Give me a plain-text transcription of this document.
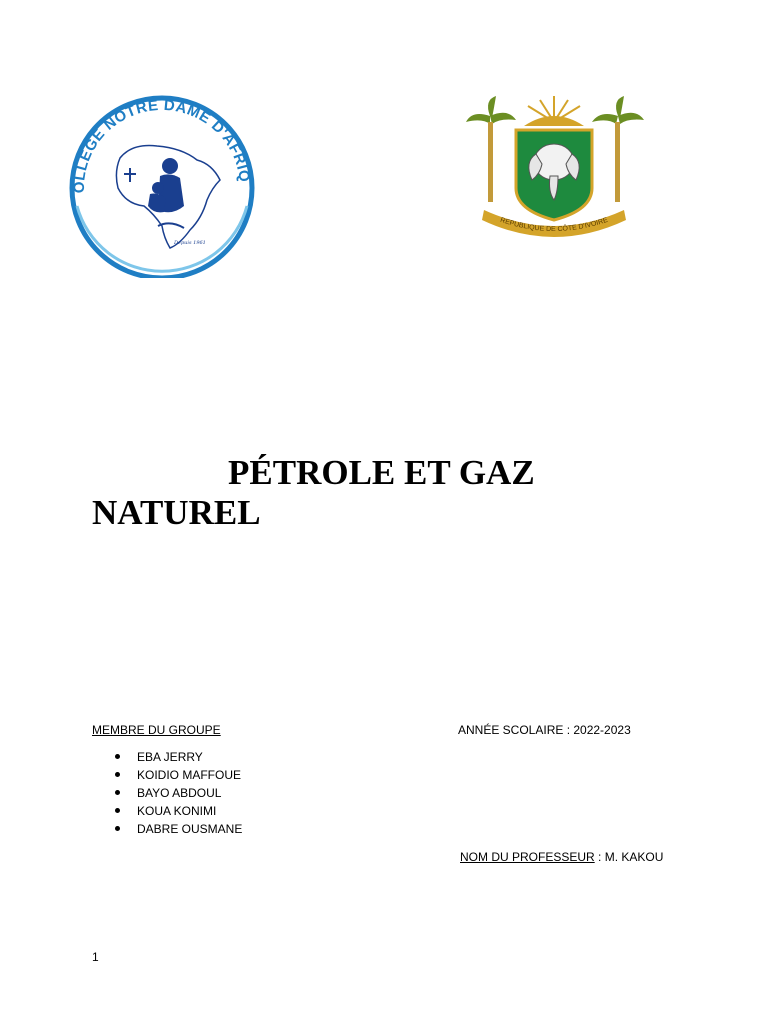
OLLEGE NOTRE DAME D'AFRIQ
Depuis 1961
REPUBLIQUE DE CÔTE D'IVOIRE
PÉTROLE ET GAZ
NATUREL
MEMBRE DU GROUPE
EBA JERRY
KOIDIO MAFFOUE
BAYO ABDOUL
KOUA KONIMI
DABRE OUSMANE
ANNÉE SCOLAIRE : 2022-2023
NOM DU PROFESSEUR : M. KAKOU
1
